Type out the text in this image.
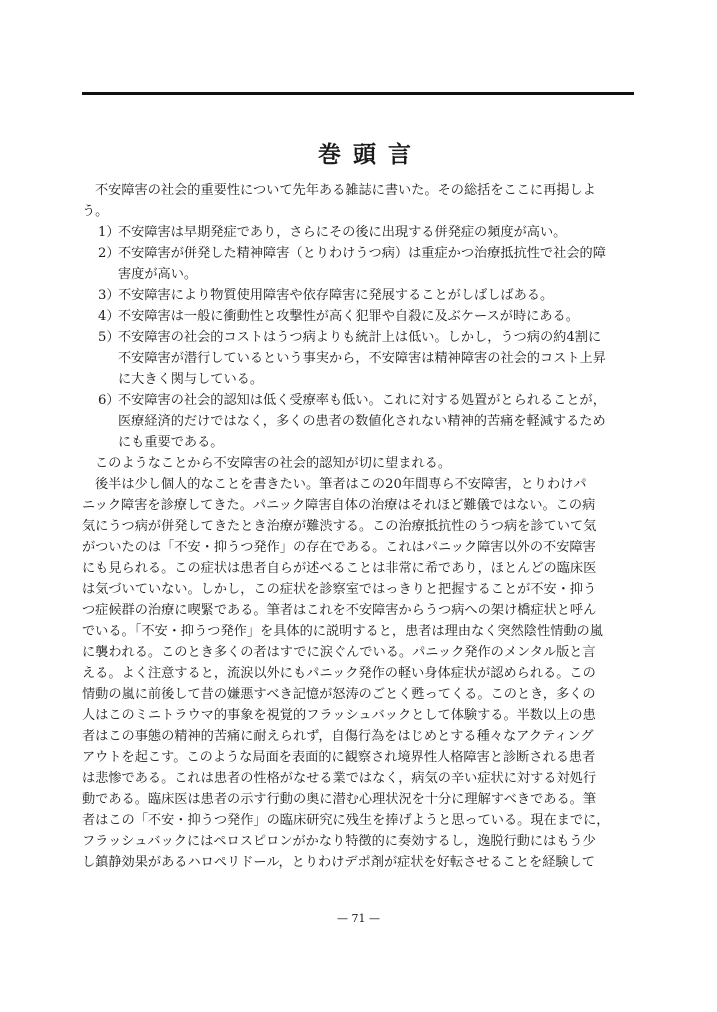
巻頭言
不安障害の社会的重要性について先年ある雑誌に書いた。その総括をここに再掲しよ
う。
1）不安障害は早期発症であり，さらにその後に出現する併発症の頻度が高い。
2）不安障害が併発した精神障害（とりわけうつ病）は重症かつ治療抵抗性で社会的障
害度が高い。
3）不安障害により物質使用障害や依存障害に発展することがしばしばある。
4）不安障害は一般に衝動性と攻撃性が高く犯罪や自殺に及ぶケースが時にある。
5）不安障害の社会的コストはうつ病よりも統計上は低い。しかし，うつ病の約4割に
不安障害が潜行しているという事実から，不安障害は精神障害の社会的コスト上昇
に大きく関与している。
6）不安障害の社会的認知は低く受療率も低い。これに対する処置がとられることが，
医療経済的だけではなく，多くの患者の数値化されない精神的苦痛を軽減するため
にも重要である。
このようなことから不安障害の社会的認知が切に望まれる。
後半は少し個人的なことを書きたい。筆者はこの20年間専ら不安障害，とりわけパ
ニック障害を診療してきた。パニック障害自体の治療はそれほど難儀ではない。この病
気にうつ病が併発してきたとき治療が難渋する。この治療抵抗性のうつ病を診ていて気
がついたのは「不安・抑うつ発作」の存在である。これはパニック障害以外の不安障害
にも見られる。この症状は患者自らが述べることは非常に希であり，ほとんどの臨床医
は気づいていない。しかし，この症状を診察室ではっきりと把握することが不安・抑う
つ症候群の治療に喫緊である。筆者はこれを不安障害からうつ病への架け橋症状と呼ん
でいる。「不安・抑うつ発作」を具体的に説明すると，患者は理由なく突然陰性情動の嵐
に襲われる。このとき多くの者はすでに涙ぐんでいる。パニック発作のメンタル版と言
える。よく注意すると，流涙以外にもパニック発作の軽い身体症状が認められる。この
情動の嵐に前後して昔の嫌悪すべき記憶が怒涛のごとく甦ってくる。このとき，多くの
人はこのミニトラウマ的事象を視覚的フラッシュバックとして体験する。半数以上の患
者はこの事態の精神的苦痛に耐えられず，自傷行為をはじめとする種々なアクティング
アウトを起こす。このような局面を表面的に観察され境界性人格障害と診断される患者
は悲惨である。これは患者の性格がなせる業ではなく，病気の辛い症状に対する対処行
動である。臨床医は患者の示す行動の奥に潜む心理状況を十分に理解すべきである。筆
者はこの「不安・抑うつ発作」の臨床研究に残生を捧げようと思っている。現在までに，
フラッシュバックにはペロスピロンがかなり特徴的に奏効するし，逸脱行動にはもう少
し鎮静効果があるハロペリドール，とりわけデポ剤が症状を好転させることを経験して
— 71 —
